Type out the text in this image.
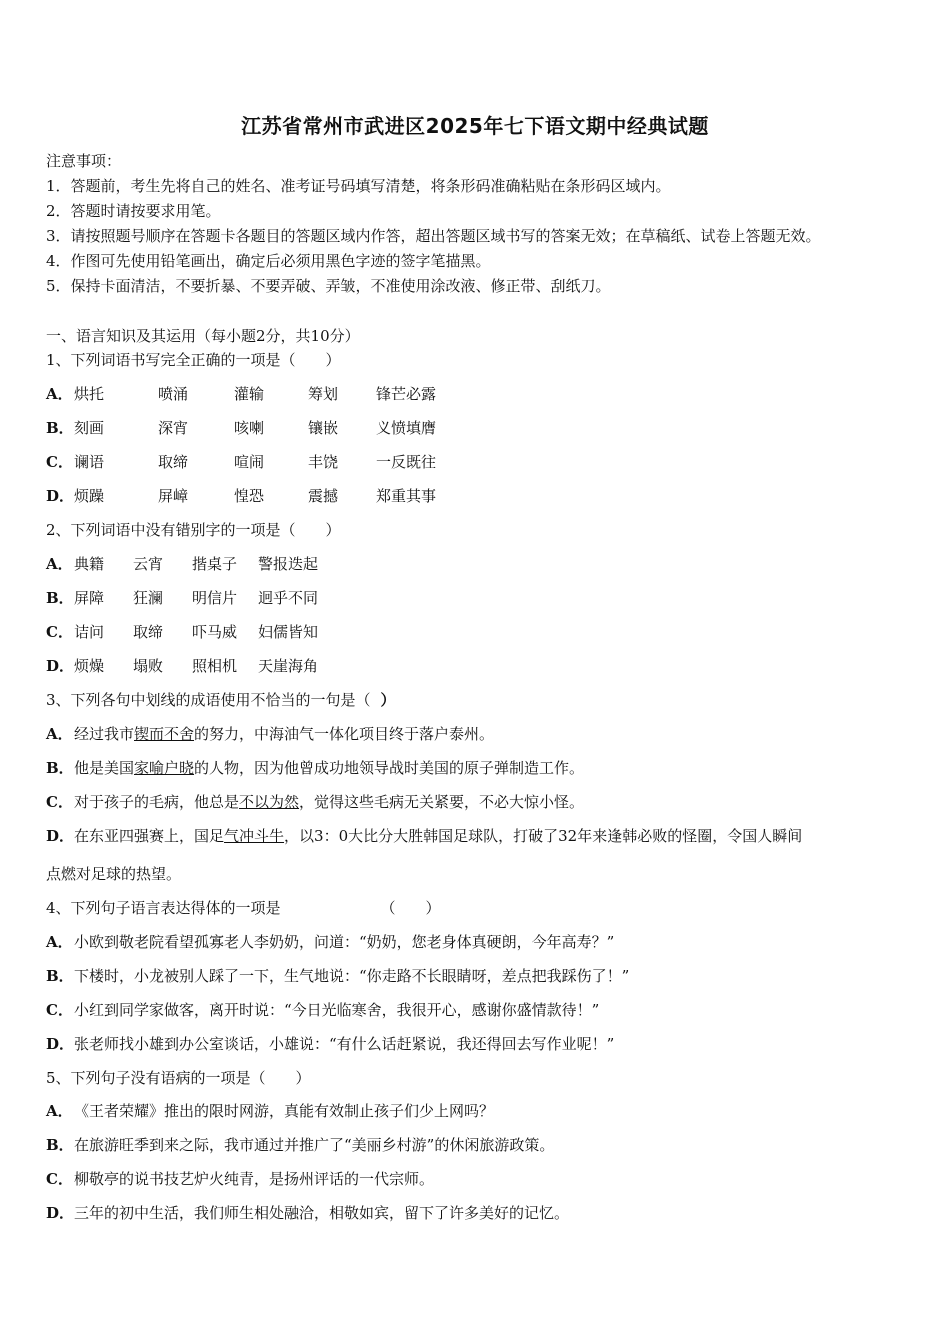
江苏省常州市武进区2025年七下语文期中经典试题
注意事项：
1．答题前，考生先将自己的姓名、准考证号码填写清楚，将条形码准确粘贴在条形码区域内。
2．答题时请按要求用笔。
3．请按照题号顺序在答题卡各题目的答题区域内作答，超出答题区域书写的答案无效；在草稿纸、试卷上答题无效。
4．作图可先使用铅笔画出，确定后必须用黑色字迹的签字笔描黑。
5．保持卡面清洁，不要折暴、不要弄破、弄皱，不准使用涂改液、修正带、刮纸刀。
一、语言知识及其运用（每小题2分，共10分）
1、下列词语书写完全正确的一项是（　　）
A．烘托	喷涌	灌输	筹划	锋芒必露
B．刻画	深宵	咳喇	镶嵌	义愤填膺
C．谰语	取缔	喧闹	丰饶	一反既往
D．烦躁	屏嶂	惶恐	震撼	郑重其事
2、下列词语中没有错别字的一项是（　　）
A．典籍 云宵 揩桌子 警报迭起
B．屏障 狂澜 明信片 迥乎不同
C．诘问 取缔 吓马威 妇儒皆知
D．烦燥 塌败 照相机 天崖海角
3、下列各句中划线的成语使用不恰当的一句是（ ）
A．经过我市锲而不舍的努力，中海油气一体化项目终于落户泰州。
B．他是美国家喻户晓的人物，因为他曾成功地领导战时美国的原子弹制造工作。
C．对于孩子的毛病，他总是不以为然，觉得这些毛病无关紧要，不必大惊小怪。
D．在东亚四强赛上，国足气冲斗牛，以3：0大比分大胜韩国足球队，打破了32年来逢韩必败的怪圈，令国人瞬间
点燃对足球的热望。
4、下列句子语言表达得体的一项是	（　　）
A．小欧到敬老院看望孤寡老人李奶奶，问道：“奶奶，您老身体真硬朗，今年高寿？”
B．下楼时，小龙被别人踩了一下，生气地说：“你走路不长眼睛呀，差点把我踩伤了！”
C．小红到同学家做客，离开时说：“今日光临寒舍，我很开心，感谢你盛情款待！”
D．张老师找小雄到办公室谈话，小雄说：“有什么话赶紧说，我还得回去写作业呢！”
5、下列句子没有语病的一项是（　　）
A．《王者荣耀》推出的限时网游，真能有效制止孩子们少上网吗？
B．在旅游旺季到来之际，我市通过并推广了“美丽乡村游”的休闲旅游政策。
C．柳敬亭的说书技艺炉火纯青，是扬州评话的一代宗师。
D．三年的初中生活，我们师生相处融洽，相敬如宾，留下了许多美好的记忆。
